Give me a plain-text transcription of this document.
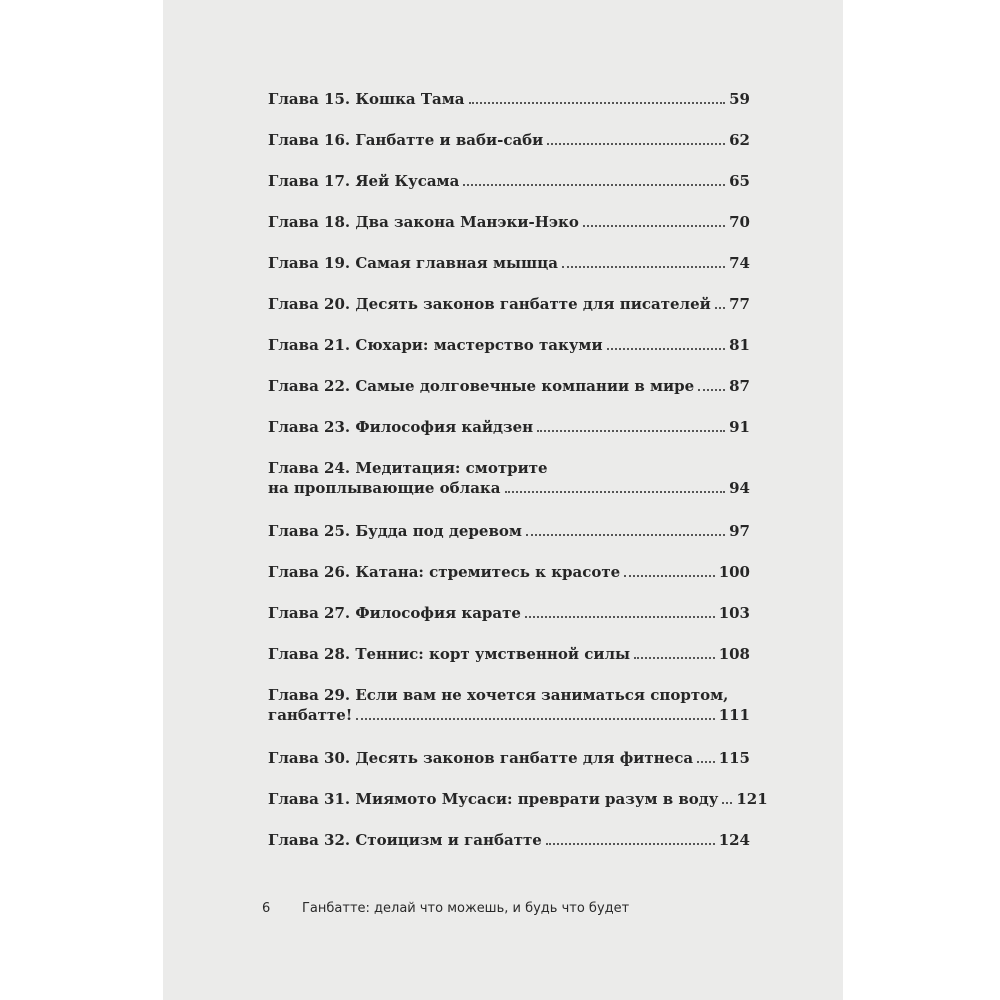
Глава 15. Кошка Тама	59
Глава 16. Ганбатте и ваби-саби	62
Глава 17. Яей Кусама	65
Глава 18. Два закона Манэки-Нэко	70
Глава 19. Самая главная мышца	74
Глава 20. Десять законов ганбатте для писателей 77
Глава 21. Сюхари: мастерство такуми	81
Глава 22. Самые долговечные компании в мире 87
Глава 23. Философия кайдзен	91
Глава 24. Медитация: смотрите
на проплывающие облака	94
Глава 25. Будда под деревом	97
Глава 26. Катана: стремитесь к красоте	100
Глава 27. Философия карате	103
Глава 28. Теннис: корт умственной силы	108
Глава 29. Если вам не хочется заниматься спортом,
ганбатте!	111
Глава 30. Десять законов ганбатте для фитнеса 115
Глава 31. Миямото Мусаси: преврати разум в воду 121
Глава 32. Стоицизм и ганбатте	124
6 Ганбатте: делай что можешь, и будь что будет
